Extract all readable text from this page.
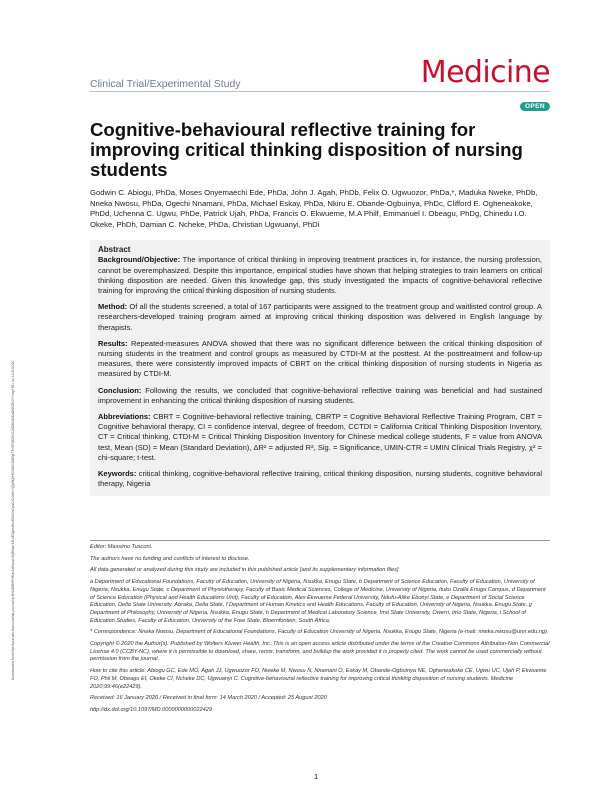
Downloaded from http://journals.lww.com/md-journal by BhDMf5ePHKav1zEoum1tQfN4a+kJLhEZgbsIHo4XMi0hCywCX1AWnYQp/IlQrHD3i3D0OdRyi7TvSFl4Cf3VC4/OAVpDDa8KKGKV0Ymy+78= on 11/11/2020
Clinical Trial/Experimental Study	Medicine
OPEN
Cognitive-behavioural reflective training for improving critical thinking disposition of nursing students
Godwin C. Abiogu, PhDa, Moses Onyemaechi Ede, PhDa, John J. Agah, PhDb, Felix O. Ugwuozor, PhDa,*, Maduka Nweke, PhDb, Nneka Nwosu, PhDa, Ogechi Nnamani, PhDa, Michael Eskay, PhDa, Nkiru E. Obande-Ogbuinya, PhDc, Clifford E. Ogheneakoke, PhDd, Uchenna C. Ugwu, PhDe, Patrick Ujah, PhDa, Francis O. Ekwueme, M.A Philf, Emmanuel I. Obeagu, PhDg, Chinedu I.O. Okeke, PhDh, Damian C. Ncheke, PhDa, Christian Ugwuanyi, PhDi
Abstract

Background/Objective: The importance of critical thinking in improving treatment practices in, for instance, the nursing profession, cannot be overemphasized. Despite this importance, empirical studies have shown that helping strategies to train learners on critical thinking disposition are needed. Given this knowledge gap, this study investigated the impacts of cognitive-behavioral reflective training for improving the critical thinking disposition of nursing students.

Method: Of all the students screened, a total of 167 participants were assigned to the treatment group and waitlisted control group. A researchers-developed training program aimed at improving critical thinking disposition was delivered in English language by therapists.

Results: Repeated-measures ANOVA showed that there was no significant difference between the critical thinking disposition of nursing students in the treatment and control groups as measured by CTDI-M at the posttest. At the posttreatment and follow-up measures, there were consistently improved impacts of CBRT on the critical thinking disposition of nursing students in Nigeria as measured by CTDI-M.

Conclusion: Following the results, we concluded that cognitive-behavioral reflective training was beneficial and had sustained improvement in enhancing the critical thinking disposition of nursing students.

Abbreviations: CBRT = Cognitive-behavioral reflective training, CBRTP = Cognitive Behavioral Reflective Training Program, CBT = Cognitive behavioral therapy, CI = confidence interval, degree of freedom, CCTDI = California Critical Thinking Disposition Inventory, CT = Critical thinking, CTDI-M = Critical Thinking Disposition Inventory for Chinese medical college students, F = value from ANOVA test, Mean (SD) = Mean (Standard Deviation), ΔR² = adjusted R², Sig. = Significance, UMIN-CTR = UMIN Clinical Trials Registry, χ² = chi-square; t-test.

Keywords: critical thinking, cognitive-behavioral reflective training, critical thinking disposition, nursing students, cognitive behavioral therapy, Nigeria

Editor: Massimo Tusconi.

The authors have no funding and conflicts of interest to disclose.

All data generated or analyzed during this study are included in this published article [and its supplementary information files]

a Department of Educational Foundations, Faculty of Education, University of Nigeria, Nsukka, Enugu State, b Department of Science Education, Faculty of Education, University of Nigeria, Nsukka, Enugu State, c Department of Physiotherapy, Faculty of Basic Medical Sciences, College of Medicine, University of Nigeria, Ituku Ozalla Enugu Campus, d Department of Science Education (Physical and Health Educations Unit), Faculty of Education, Alex Ekwueme Federal University, Ndufu-Alike Ebonyi State, e Department of Social Science Education, Delta State University, Abraka, Delta State, f Department of Human Kinetics and Health Educations, Faculty of Education, University of Nigeria, Nsukka, Enugu State, g Department of Philosophy, University of Nigeria, Nsukka, Enugu State, h Department of Medical Laboratory Science, Imo State University, Owerri, Imo State, Nigeria, i School of Education Studies, Faculty of Education, University of the Free State, Bloemfontein, South Africa.

* Correspondence: Nneka Nwosu, Department of Educational Foundations, Faculty of Education University of Nigeria, Nsukka, Enugu State, Nigeria (e-mail: nneka.nwosu@unn.edu.ng).

Copyright © 2020 the Author(s). Published by Wolters Kluwer Health, Inc. This is an open access article distributed under the terms of the Creative Commons Attribution-Non Commercial License 4.0 (CCBY-NC), where it is permissible to download, share, remix, transform, and buildup the work provided it is properly cited. The work cannot be used commercially without permission from the journal.

How to cite this article: Abiogu GC, Ede MO, Agah JJ, Ugwuozor FO, Nweke M, Nwosu N, Nnamani O, Eskay M, Obande-Ogbuinya NE, Ogheneakoke CE, Ugwu UC, Ujah P, Ekwueme FO, Phil M, Obeagu EI, Okeke CI, Ncheke DC, Ugwuanyi C. Cognitive-behavioural reflective training for improving critical thinking disposition of nursing students. Medicine 2020;99:46(e22429).

Received: 16 January 2020 / Received in final form: 14 March 2020 / Accepted: 25 August 2020

http://dx.doi.org/10.1097/MD.0000000000022429

1
